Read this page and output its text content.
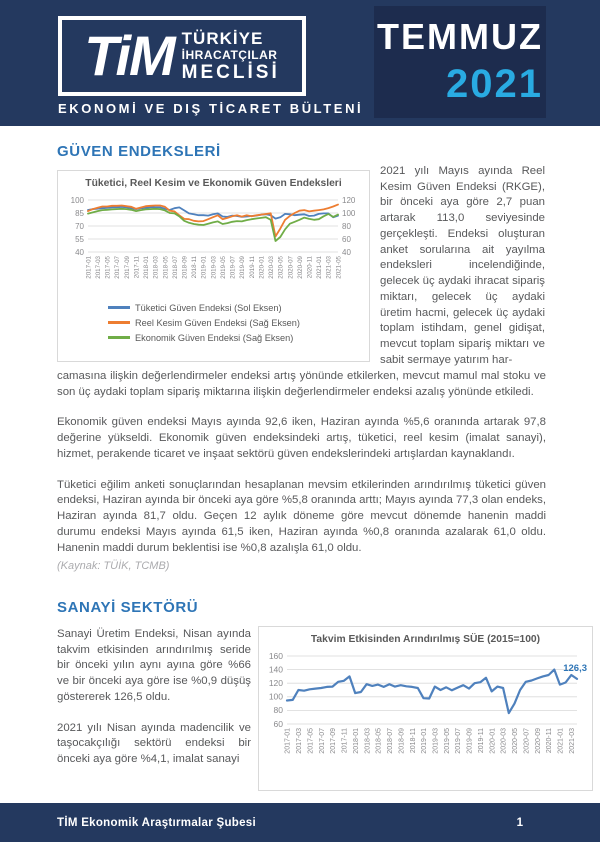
TiM TÜRKİYE
İHRACATÇILAR
MECLİSİ
EKONOMİ VE DIŞ TİCARET BÜLTENİ
TEMMUZ
2021
GÜVEN ENDEKSLERİ
Tüketici, Reel Kesim ve Ekonomik Güven Endeksleri
100
85
70
55
40
120
100
80
60
40
2017-01 2017-03 2017-05 2017-07 2017-09 2017-11 2018-01 2018-03 2018-05 2018-07 2018-09 2018-11 2019-01 2019-03 2019-05 2019-07 2019-09 2019-11 2020-01 2020-03 2020-05 2020-07 2020-09 2020-11 2021-01 2021-03 2021-05
Tüketici Güven Endeksi (Sol Eksen)
Reel Kesim Güven Endeksi (Sağ Eksen)
Ekonomik Güven Endeksi (Sağ Eksen)
2021 yılı Mayıs ayında Reel Kesim Güven Endeksi (RKGE), bir önceki aya göre 2,7 puan artarak 113,0 seviyesinde gerçekleşti. Endeksi oluşturan anket sorularına ait yayılma endeksleri incelendiğinde, gelecek üç aydaki ihracat sipariş miktarı, gelecek üç aydaki üretim hacmi, gelecek üç aydaki toplam istihdam, genel gidişat, mevcut toplam sipariş miktarı ve sabit sermaye yatırım har-

camasına ilişkin değerlendirmeler endeksi artış yönünde etkilerken, mevcut mamul mal stoku ve son üç aydaki toplam sipariş miktarına ilişkin değerlendirmeler endeksi azalış yönünde etkiledi.

Ekonomik güven endeksi Mayıs ayında 92,6 iken, Haziran ayında %5,6 oranında artarak 97,8 değerine yükseldi. Ekonomik güven endeksindeki artış, tüketici, reel kesim (imalat sanayi), hizmet, perakende ticaret ve inşaat sektörü güven endekslerindeki artışlardan kaynaklandı.

Tüketici eğilim anketi sonuçlarından hesaplanan mevsim etkilerinden arındırılmış tüketici güven endeksi, Haziran ayında bir önceki aya göre %5,8 oranında arttı; Mayıs ayında 77,3 olan endeks, Haziran ayında 81,7 oldu. Geçen 12 aylık döneme göre mevcut dönemde hanenin maddi durumu endeksi Mayıs ayında 61,5 iken, Haziran ayında %0,8 oranında azalarak 61,0 oldu. Hanenin maddi durum beklentisi ise %0,8 azalışla 61,0 oldu.

(Kaynak: TÜİK, TCMB)
SANAYİ SEKTÖRÜ

Sanayi Üretim Endeksi, Nisan ayında takvim etkisinden arındırılmış seride bir önceki yılın aynı ayına göre %66 ve bir önceki aya göre ise %0,9 düşüş göstererek 126,5 oldu.

2021 yılı Nisan ayında madencilik ve taşocakçılığı sektörü endeksi bir önceki aya göre %4,1, imalat sanayi

Takvim Etkisinden Arındırılmış SÜE (2015=100)
160
140
120
100
80
60
2017-01 2017-03 2017-05 2017-07 2017-09 2017-11 2018-01 2018-03 2018-05 2018-07 2018-09 2018-11 2019-01 2019-03 2019-05 2019-07 2019-09 2019-11 2020-01 2020-03 2020-05 2020-07 2020-09 2020-11 2021-01 2021-03
126,3
TİM Ekonomik Araştırmalar Şubesi	1
